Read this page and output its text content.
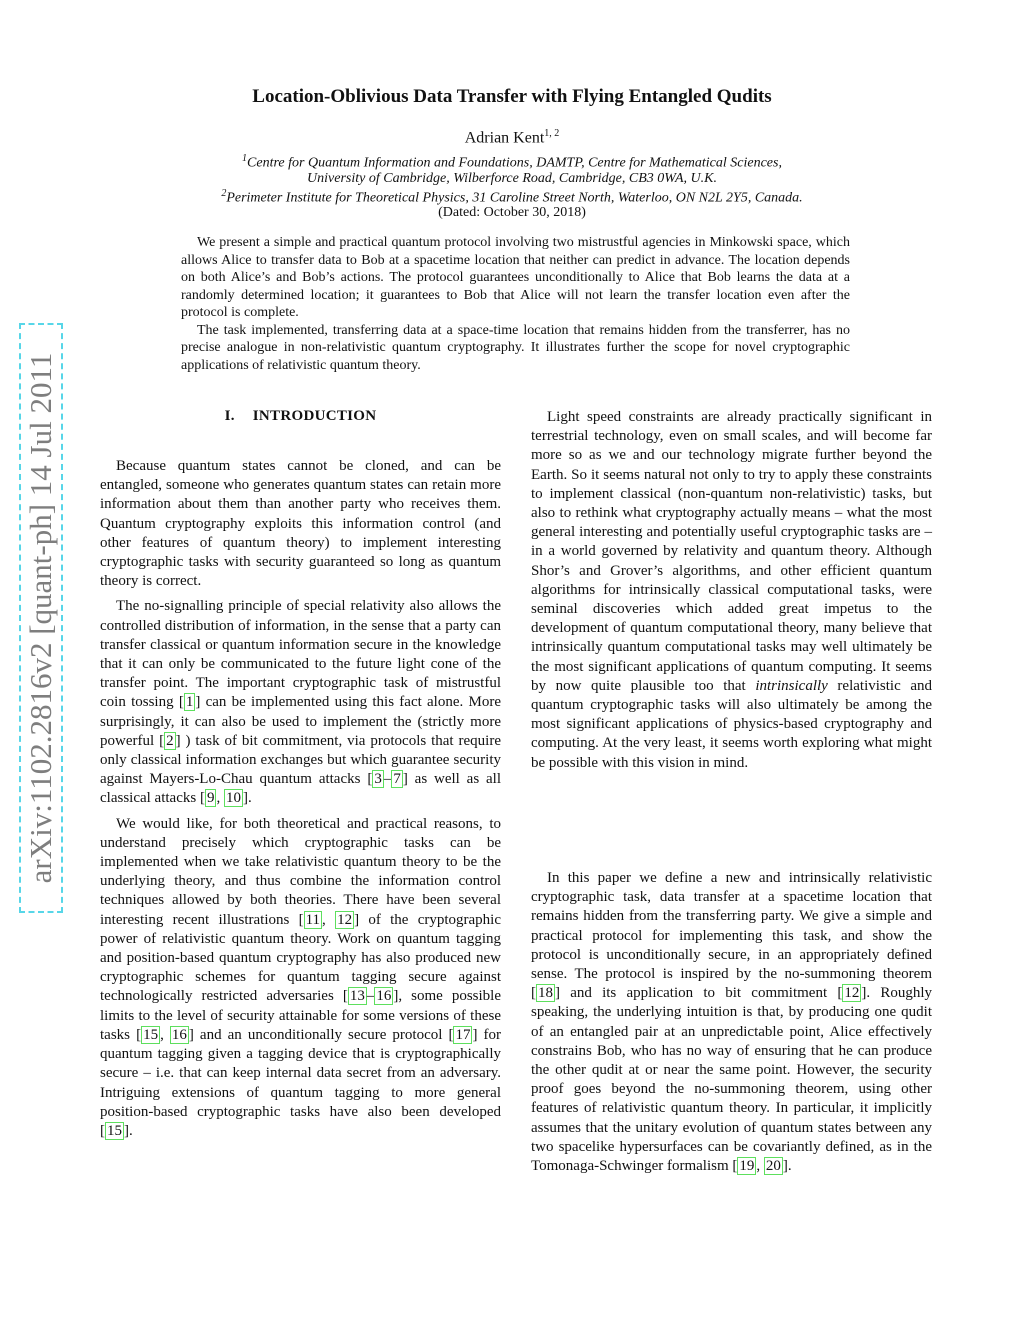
arXiv:1102.2816v2 [quant-ph] 14 Jul 2011
Location-Oblivious Data Transfer with Flying Entangled Qudits
Adrian Kent$^{1, 2}$
$^1$Centre for Quantum Information and Foundations, DAMTP, Centre for Mathematical Sciences,
University of Cambridge, Wilberforce Road, Cambridge, CB3 0WA, U.K.
$^2$Perimeter Institute for Theoretical Physics, 31 Caroline Street North, Waterloo, ON N2L 2Y5, Canada.
(Dated: October 30, 2018)

We present a simple and practical quantum protocol involving two mistrustful agencies in Minkowski space, which allows Alice to transfer data to Bob at a spacetime location that neither can predict in advance. The location depends on both Alice’s and Bob’s actions. The protocol guarantees unconditionally to Alice that Bob learns the data at a randomly determined location; it guarantees to Bob that Alice will not learn the transfer location even after the protocol is complete.

The task implemented, transferring data at a space-time location that remains hidden from the transferrer, has no precise analogue in non-relativistic quantum cryptography. It illustrates further the scope for novel cryptographic applications of relativistic quantum theory.

I. INTRODUCTION

Because quantum states cannot be cloned, and can be entangled, someone who generates quantum states can retain more information about them than another party who receives them. Quantum cryptography exploits this information control (and other features of quantum theory) to implement interesting cryptographic tasks with security guaranteed so long as quantum theory is correct.

The no-signalling principle of special relativity also allows the controlled distribution of information, in the sense that a party can transfer classical or quantum information secure in the knowledge that it can only be communicated to the future light cone of the transfer point. The important cryptographic task of mistrustful coin tossing [ 1 ] can be implemented using this fact alone. More surprisingly, it can also be used to implement the (strictly more powerful [ 2 ] ) task of bit commitment, via protocols that require only classical information exchanges but which guarantee security against Mayers-Lo-Chau quantum attacks [ 3 – 7 ] as well as all classical attacks [ 9 , 10 ].

We would like, for both theoretical and practical reasons, to understand precisely which cryptographic tasks can be implemented when we take relativistic quantum theory to be the underlying theory, and thus combine the information control techniques allowed by both theories. There have been several interesting recent illustrations [ 11 , 12 ] of the cryptographic power of relativistic quantum theory. Work on quantum tagging and position-based quantum cryptography has also produced new cryptographic schemes for quantum tagging secure against technologically restricted adversaries [ 13 – 16 ], some possible limits to the level of security attainable for some versions of these tasks [ 15 , 16 ] and an unconditionally secure protocol [ 17 ] for quantum tagging given a tagging device that is cryptographically secure – i.e. that can keep internal data secret from an adversary. Intriguing extensions of quantum tagging to more general position-based cryptographic tasks have also been developed [ 15 ].

Light speed constraints are already practically significant in terrestrial technology, even on small scales, and will become far more so as we and our technology migrate further beyond the Earth. So it seems natural not only to try to apply these constraints to implement classical (non-quantum non-relativistic) tasks, but also to rethink what cryptography actually means – what the most general interesting and potentially useful cryptographic tasks are – in a world governed by relativity and quantum theory. Although Shor’s and Grover’s algorithms, and other efficient quantum algorithms for intrinsically classical computational tasks, were seminal discoveries which added great impetus to the development of quantum computational theory, many believe that intrinsically quantum computational tasks may well ultimately be the most significant applications of quantum computing. It seems by now quite plausible too that intrinsically relativistic and quantum cryptographic tasks will also ultimately be among the most significant applications of physics-based cryptography and computing. At the very least, it seems worth exploring what might be possible with this vision in mind.

In this paper we define a new and intrinsically relativistic cryptographic task, data transfer at a spacetime location that remains hidden from the transferring party. We give a simple and practical protocol for implementing this task, and show the protocol is unconditionally secure, in an appropriately defined sense. The protocol is inspired by the no-summoning theorem [ 18 ] and its application to bit commitment [ 12 ]. Roughly speaking, the underlying intuition is that, by producing one qudit of an entangled pair at an unpredictable point, Alice effectively constrains Bob, who has no way of ensuring that he can produce the other qudit at or near the same point. However, the security proof goes beyond the no-summoning theorem, using other features of relativistic quantum theory. In particular, it implicitly assumes that the unitary evolution of quantum states between any two spacelike hypersurfaces can be covariantly defined, as in the Tomonaga-Schwinger formalism [ 19 , 20 ].
